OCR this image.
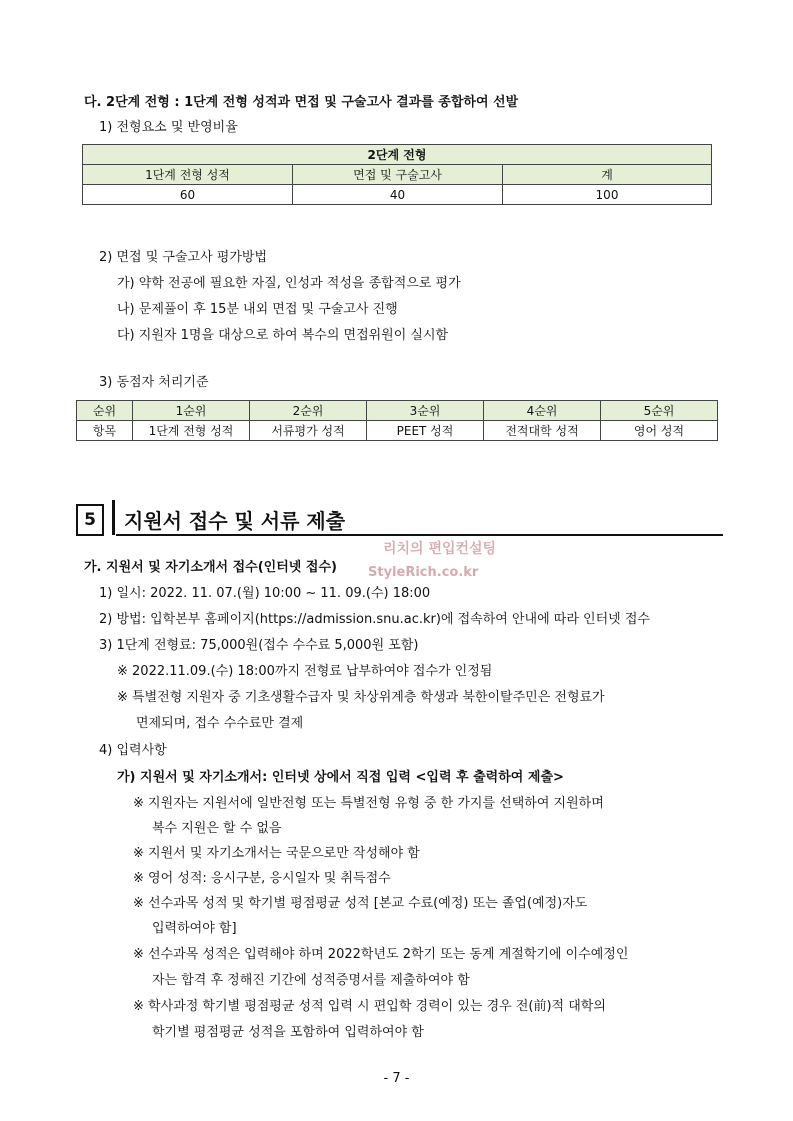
다. 2단계 전형 : 1단계 전형 성적과 면접 및 구술고사 결과를 종합하여 선발
1) 전형요소 및 반영비율
2단계 전형		
1단계 전형 성적	면접 및 구술고사	계
60	40	100
2) 면접 및 구술고사 평가방법
가) 약학 전공에 필요한 자질, 인성과 적성을 종합적으로 평가
나) 문제풀이 후 15분 내외 면접 및 구술고사 진행
다) 지원자 1명을 대상으로 하여 복수의 면접위원이 실시함
3) 동점자 처리기준
순위	1순위	2순위	3순위	4순위	5순위
항목	1단계 전형 성적	서류평가 성적	PEET 성적	전적대학 성적	영어 성적
5	지원서 접수 및 서류 제출
리치의 편입컨설팅
StyleRich.co.kr
가. 지원서 및 자기소개서 접수(인터넷 접수)
1) 일시: 2022. 11. 07.(월) 10:00 ~ 11. 09.(수) 18:00
2) 방법: 입학본부 홈페이지(https://admission.snu.ac.kr)에 접속하여 안내에 따라 인터넷 접수
3) 1단계 전형료: 75,000원(접수 수수료 5,000원 포함)
※ 2022.11.09.(수) 18:00까지 전형료 납부하여야 접수가 인정됨
※ 특별전형 지원자 중 기초생활수급자 및 차상위계층 학생과 북한이탈주민은 전형료가
면제되며, 접수 수수료만 결제
4) 입력사항
가) 지원서 및 자기소개서: 인터넷 상에서 직접 입력 <입력 후 출력하여 제출>
※ 지원자는 지원서에 일반전형 또는 특별전형 유형 중 한 가지를 선택하여 지원하며
복수 지원은 할 수 없음
※ 지원서 및 자기소개서는 국문으로만 작성해야 함
※ 영어 성적: 응시구분, 응시일자 및 취득점수
※ 선수과목 성적 및 학기별 평점평균 성적 [본교 수료(예정) 또는 졸업(예정)자도
입력하여야 함]
※ 선수과목 성적은 입력해야 하며 2022학년도 2학기 또는 동계 계절학기에 이수예정인
자는 합격 후 정해진 기간에 성적증명서를 제출하여야 함
※ 학사과정 학기별 평점평균 성적 입력 시 편입학 경력이 있는 경우 전(前)적 대학의
학기별 평점평균 성적을 포함하여 입력하여야 함
- 7 -
